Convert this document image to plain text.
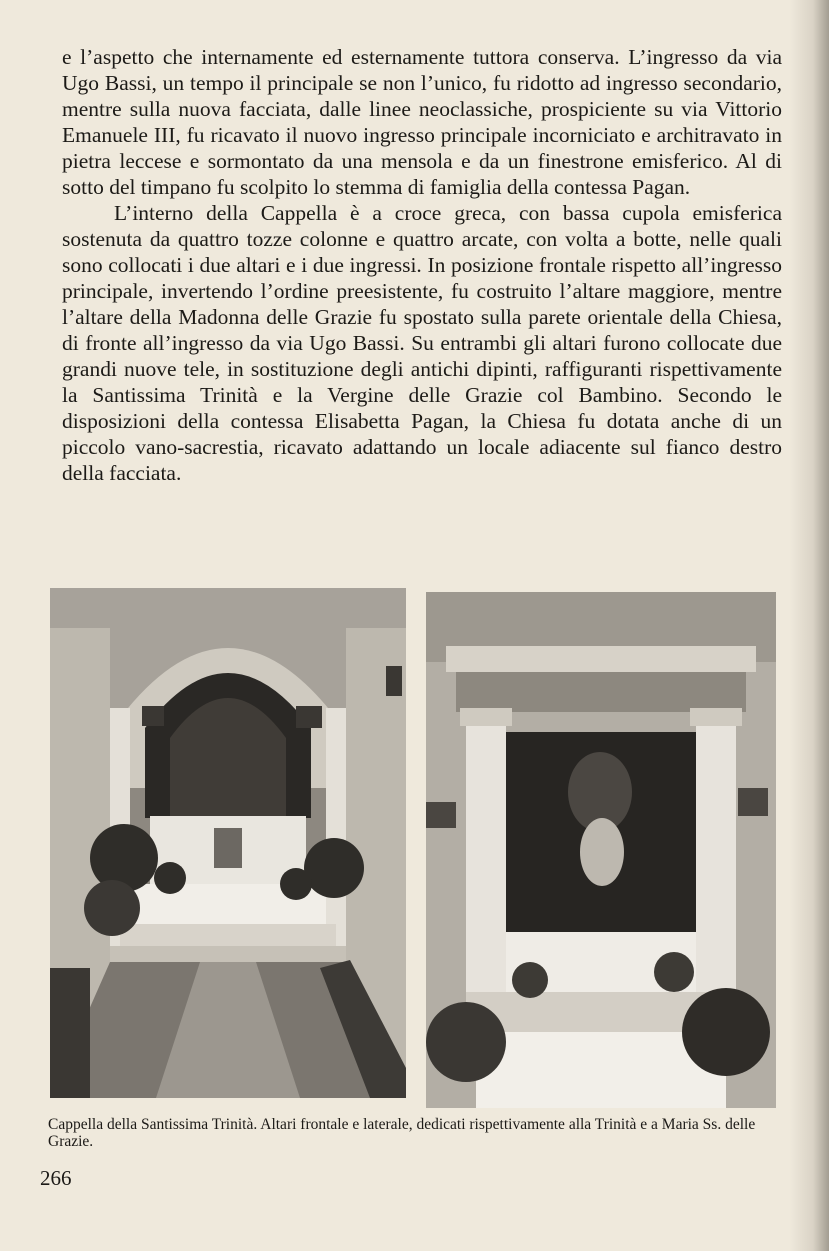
e l’aspetto che internamente ed esternamente tuttora conserva. L’ingresso da via Ugo Bassi, un tempo il principale se non l’unico, fu ridotto ad ingresso secondario, mentre sulla nuova facciata, dalle linee neoclassiche, prospiciente su via Vittorio Emanuele III, fu ricavato il nuovo ingresso principale incorniciato e architravato in pietra leccese e sormontato da una mensola e da un finestrone emisferico. Al di sotto del timpano fu scolpito lo stemma di famiglia della contessa Pagan.

L’interno della Cappella è a croce greca, con bassa cupola emisferica sostenuta da quattro tozze colonne e quattro arcate, con volta a botte, nelle quali sono collocati i due altari e i due ingressi. In posizione frontale rispetto all’ingresso principale, invertendo l’ordine preesistente, fu costruito l’altare maggiore, mentre l’altare della Madonna delle Grazie fu spostato sulla parete orientale della Chiesa, di fronte all’ingresso da via Ugo Bassi. Su entrambi gli altari furono collocate due grandi nuove tele, in sostituzione degli antichi dipinti, raffiguranti rispettivamente la Santissima Trinità e la Vergine delle Grazie col Bambino. Secondo le disposizioni della contessa Elisabetta Pagan, la Chiesa fu dotata anche di un piccolo vano-sacrestia, ricavato adattando un locale adiacente sul fianco destro della facciata.

Cappella della Santissima Trinità. Altari frontale e laterale, dedicati rispettivamente alla Trinità e a Maria Ss. delle Grazie.

266
